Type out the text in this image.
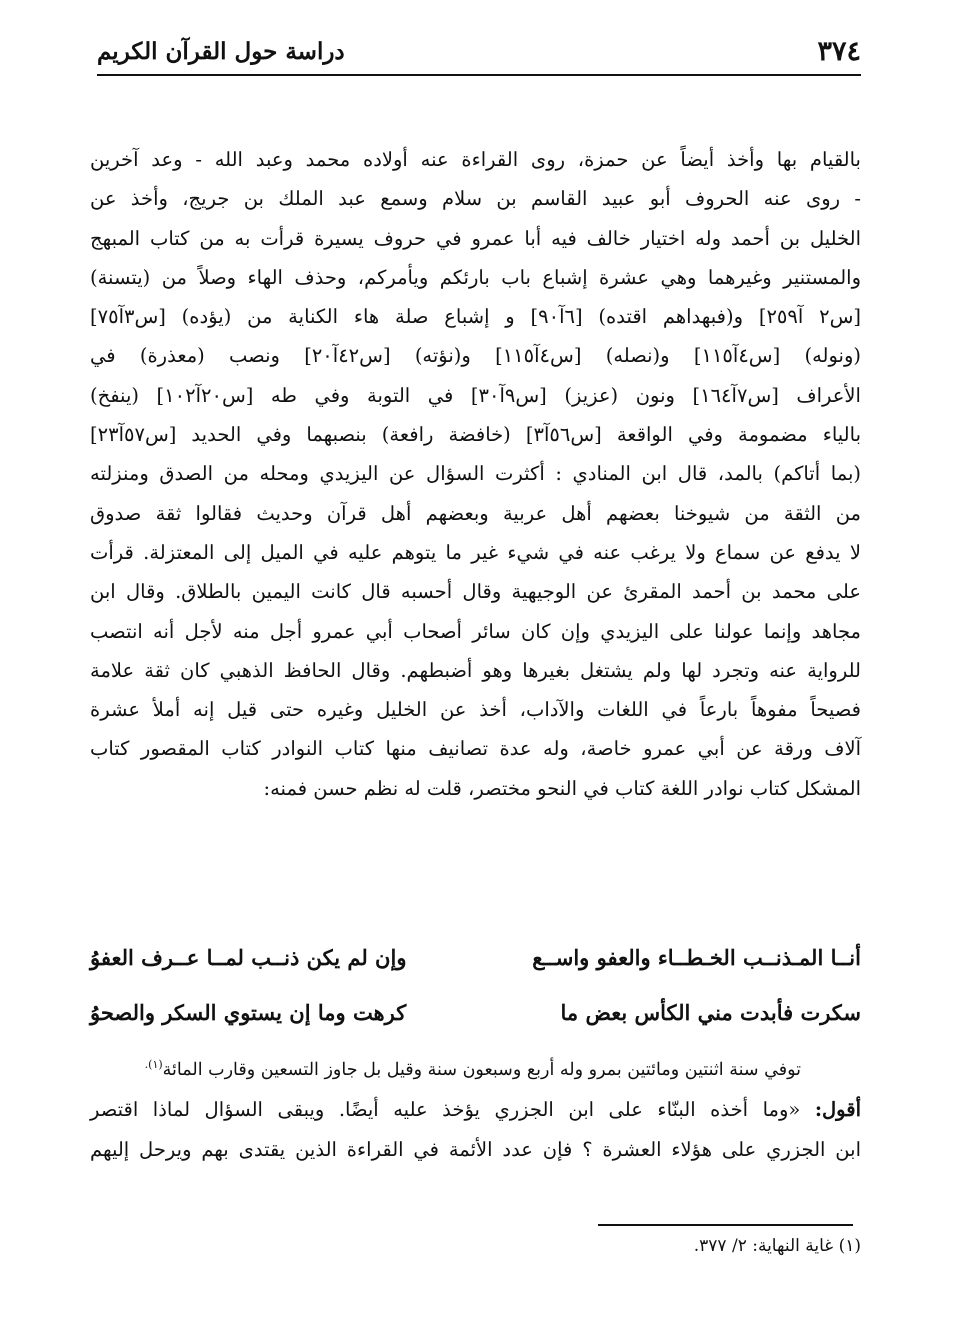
٣٧٤
دراسة حول القرآن الكريم
بالقيام بها وأخذ أيضاً عن حمزة، روى القراءة عنه أولاده محمد وعبد الله - وعد آخرين
- روى عنه الحروف أبو عبيد القاسم بن سلام وسمع عبد الملك بن جريج، وأخذ عن
الخليل بن أحمد وله اختيار خالف فيه أبا عمرو في حروف يسيرة قرأت به من كتاب المبهج
والمستنير وغيرهما وهي عشرة إشباع باب بارئكم ويأمركم، وحذف الهاء وصلاً من (يتسنة)
[س٢ آ٢٥٩] و(فبهداهم اقتده) [٦آ٩٠] و إشباع صلة هاء الكناية من (يؤده) [س٣آ٧٥]
(ونوله) [س٤آ١١٥] و(نصله) [س٤آ١١٥] و(نؤته) [س٤٢آ٢٠] ونصب (معذرة) في
الأعراف [س٧آ١٦٤] ونون (عزيز) [س٩آ٣٠] في التوبة وفي طه [س٢٠آ١٠٢] (ينفخ)
بالياء مضمومة وفي الواقعة [س٥٦آ٣] (خافضة رافعة) بنصبهما وفي الحديد [س٥٧آ٢٣]
(بما أتاكم) بالمد، قال ابن المنادي : أكثرت السؤال عن اليزيدي ومحله من الصدق ومنزلته
من الثقة من شيوخنا بعضهم أهل عربية وبعضهم أهل قرآن وحديث فقالوا ثقة صدوق
لا يدفع عن سماع ولا يرغب عنه في شيء غير ما يتوهم عليه في الميل إلى المعتزلة. قرأت
على محمد بن أحمد المقرئ عن الوجيهية وقال أحسبه قال كانت اليمين بالطلاق. وقال ابن
مجاهد وإنما عولنا على اليزيدي وإن كان سائر أصحاب أبي عمرو أجل منه لأجل أنه انتصب
للرواية عنه وتجرد لها ولم يشتغل بغيرها وهو أضبطهم. وقال الحافظ الذهبي كان ثقة علامة
فصيحاً مفوهاً بارعاً في اللغات والآداب، أخذ عن الخليل وغيره حتى قيل إنه أملأ عشرة
آلاف ورقة عن أبي عمرو خاصة، وله عدة تصانيف منها كتاب النوادر كتاب المقصور كتاب
المشكل كتاب نوادر اللغة كتاب في النحو مختصر، قلت له نظم حسن فمنه:
أنــا المـذنــب الخـطــاء والعفو واســع
وإن لم يكن ذنــب لمــا عــرف العفوُ
سكرت فأبدت مني الكأس بعض ما
كرهت وما إن يستوي السكر والصحوُ
توفي سنة اثنتين ومائتين بمرو وله أربع وسبعون سنة وقيل بل جاوز التسعين وقارب المائة$^{(١).}$
أقول: «وما أخذه البنّاء على ابن الجزري يؤخذ عليه أيضًا. ويبقى السؤال لماذا اقتصر
ابن الجزري على هؤلاء العشرة ؟ فإن عدد الأئمة في القراءة الذين يقتدى بهم ويرحل إليهم
(١) غاية النهاية: ٢/ ٣٧٧.
